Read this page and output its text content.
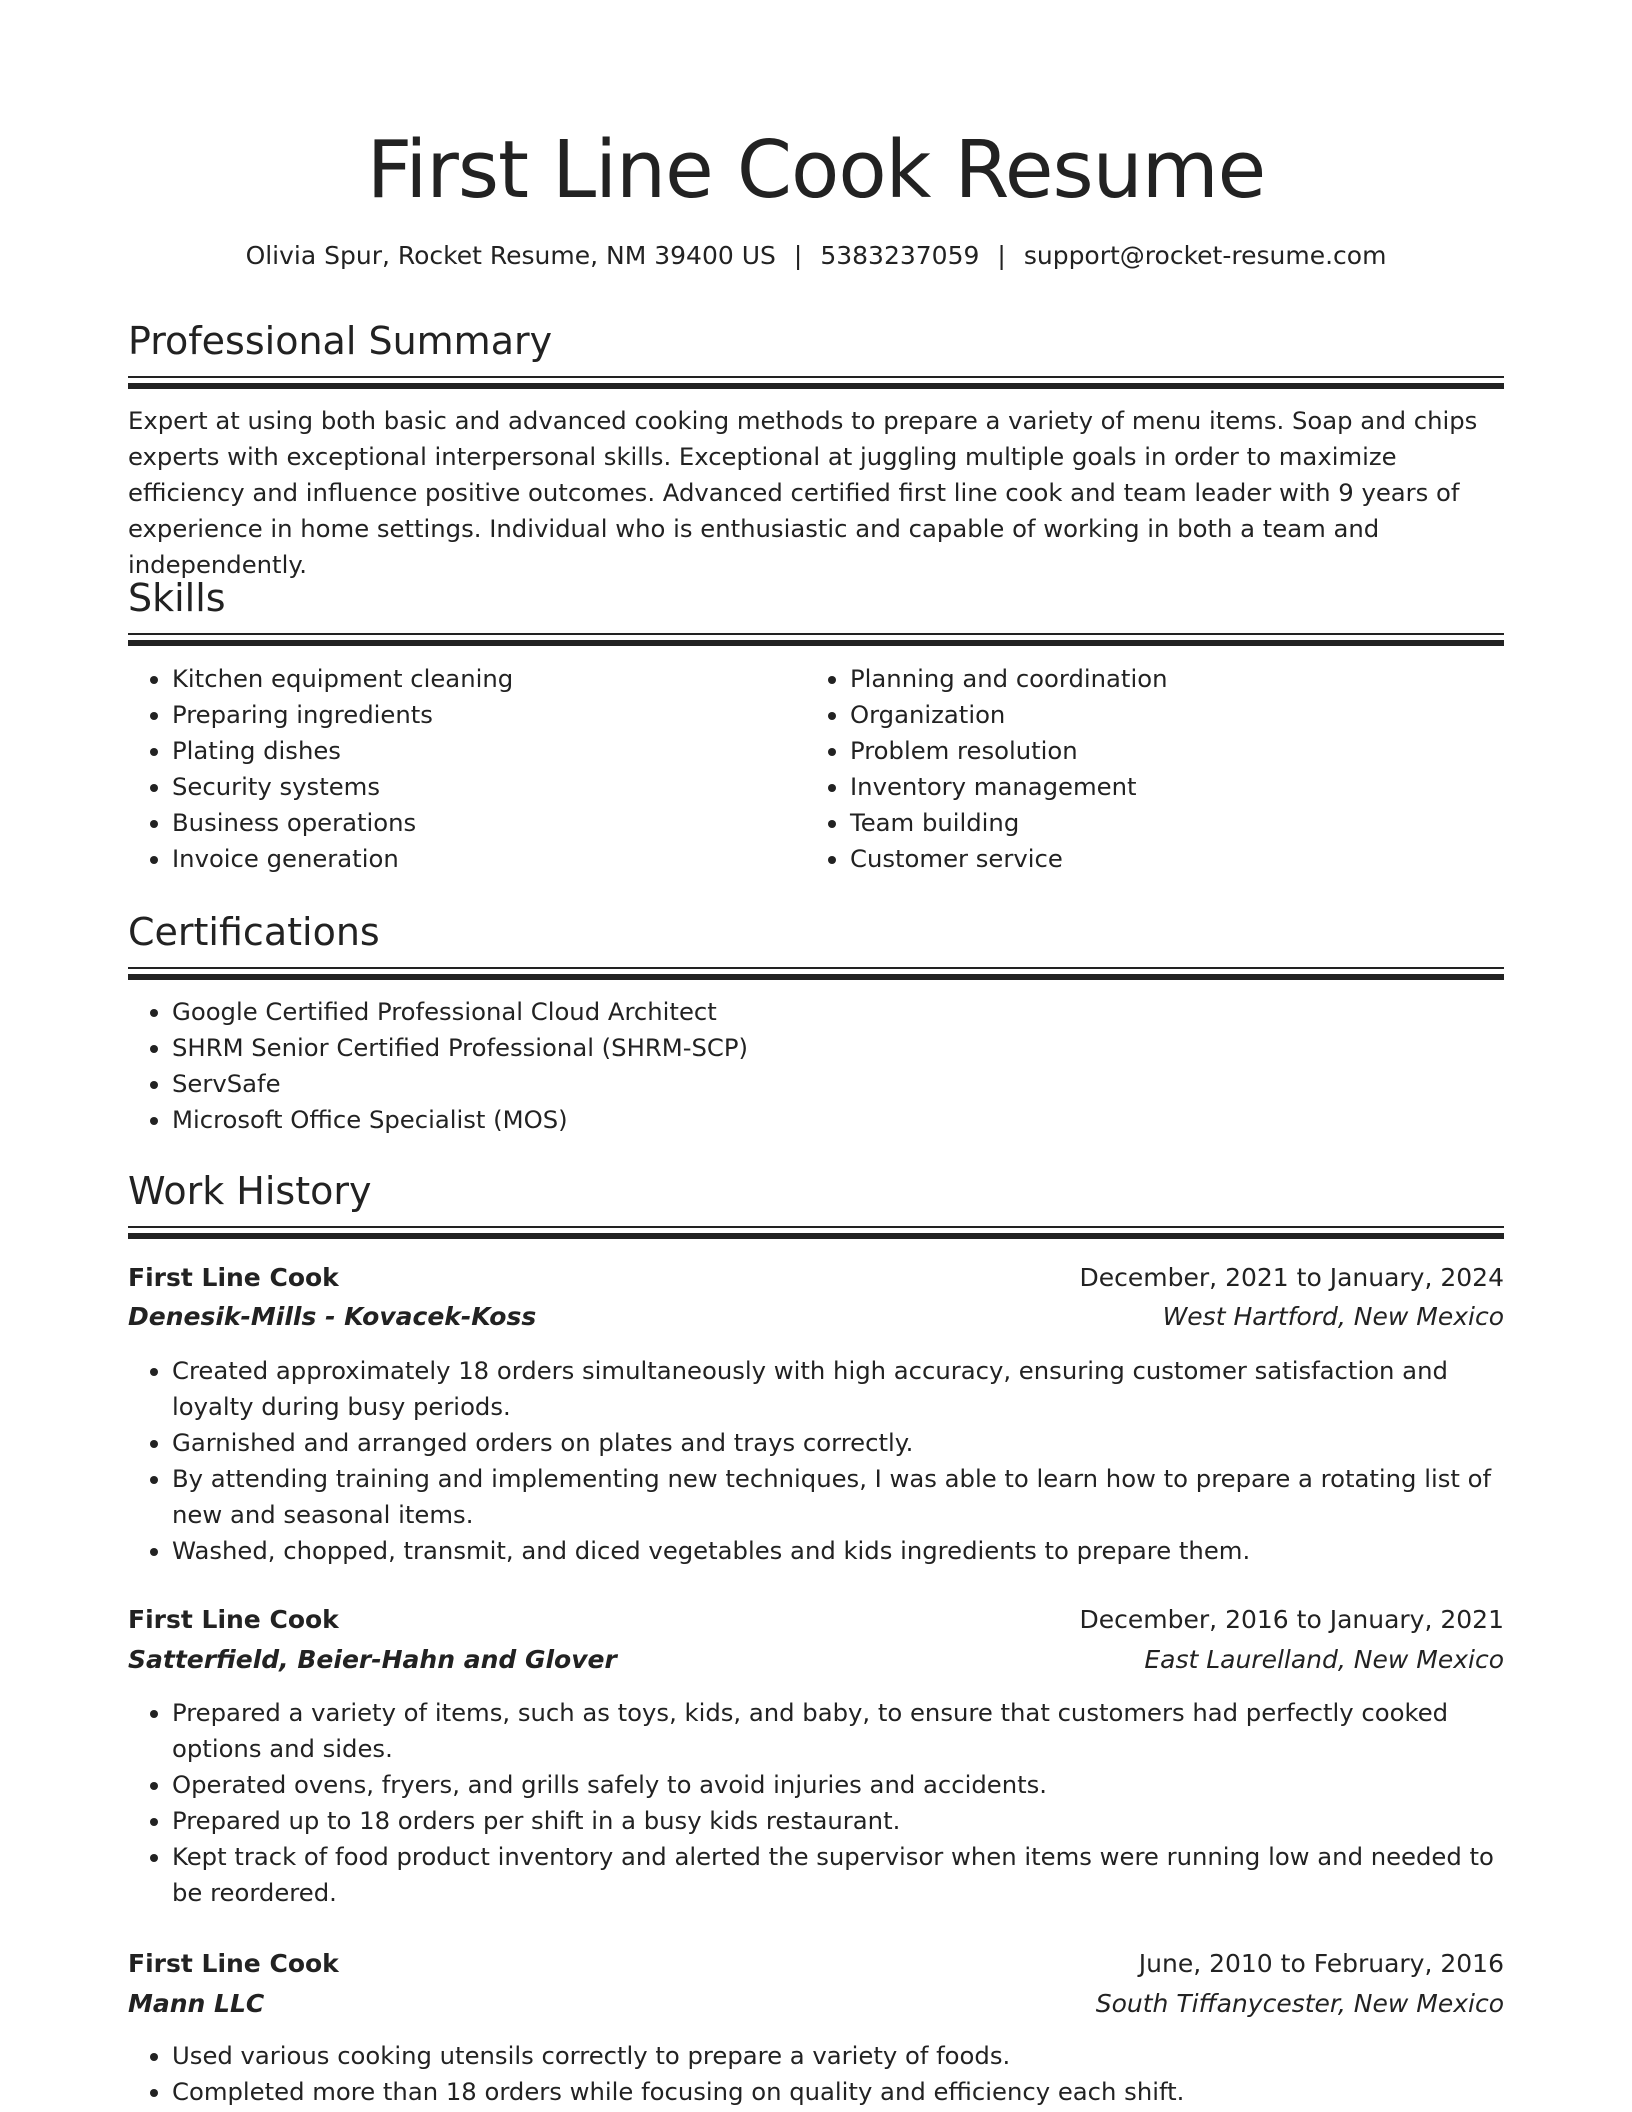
First Line Cook Resume
Olivia Spur, Rocket Resume, NM 39400 US | 5383237059 | support@rocket-resume.com
Professional Summary

Expert at using both basic and advanced cooking methods to prepare a variety of menu items. Soap and chips experts with exceptional interpersonal skills. Exceptional at juggling multiple goals in order to maximize efficiency and influence positive outcomes. Advanced certified first line cook and team leader with 9 years of experience in home settings. Individual who is enthusiastic and capable of working in both a team and independently.

Skills
• Kitchen equipment cleaning
• Preparing ingredients
• Plating dishes
• Security systems
• Business operations
• Invoice generation
• Planning and coordination
• Organization
• Problem resolution
• Inventory management
• Team building
• Customer service
Certifications
• Google Certified Professional Cloud Architect
• SHRM Senior Certified Professional (SHRM-SCP)
• ServSafe
• Microsoft Office Specialist (MOS)
Work History
First Line Cook	December, 2021 to January, 2024
Denesik-Mills - Kovacek-Koss	West Hartford, New Mexico
• Created approximately 18 orders simultaneously with high accuracy, ensuring customer satisfaction and loyalty during busy periods.
• Garnished and arranged orders on plates and trays correctly.
• By attending training and implementing new techniques, I was able to learn how to prepare a rotating list of new and seasonal items.
• Washed, chopped, transmit, and diced vegetables and kids ingredients to prepare them.
First Line Cook	December, 2016 to January, 2021
Satterfield, Beier-Hahn and Glover	East Laurelland, New Mexico
• Prepared a variety of items, such as toys, kids, and baby, to ensure that customers had perfectly cooked options and sides.
• Operated ovens, fryers, and grills safely to avoid injuries and accidents.
• Prepared up to 18 orders per shift in a busy kids restaurant.
• Kept track of food product inventory and alerted the supervisor when items were running low and needed to be reordered.
First Line Cook	June, 2010 to February, 2016
Mann LLC	South Tiffanycester, New Mexico
• Used various cooking utensils correctly to prepare a variety of foods.
• Completed more than 18 orders while focusing on quality and efficiency each shift.
